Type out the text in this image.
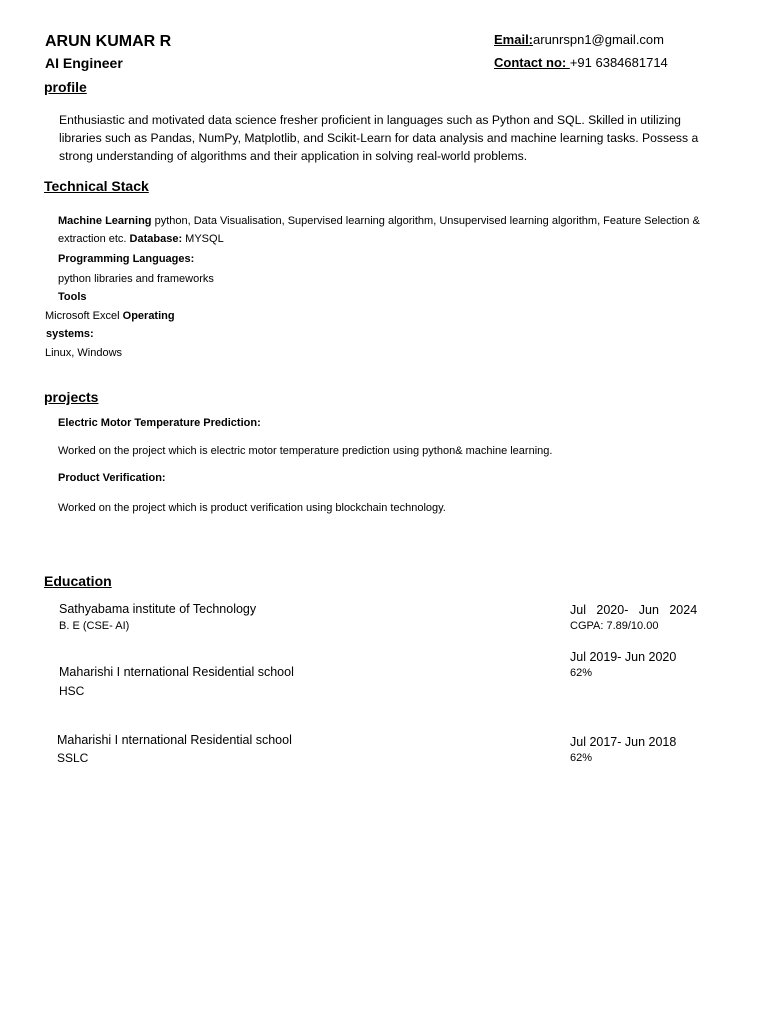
ARUN KUMAR R
AI Engineer
Email:arunrspn1@gmail.com
Contact no: +91 6384681714
profile
Enthusiastic and motivated data science fresher proficient in languages such as Python and SQL. Skilled in utilizing libraries such as Pandas, NumPy, Matplotlib, and Scikit-Learn for data analysis and machine learning tasks. Possess a strong understanding of algorithms and their application in solving real-world problems.
Technical Stack
Machine Learning python, Data Visualisation, Supervised learning algorithm, Unsupervised learning algorithm, Feature Selection & extraction etc. Database: MYSQL
Programming Languages:
python libraries and frameworks
Tools
Microsoft Excel Operating
systems:
Linux, Windows
projects
Electric Motor Temperature Prediction:
Worked on the project which is electric motor temperature prediction using python& machine learning.
Product Verification:
Worked on the project which is product verification using blockchain technology.
Education
Sathyabama institute of Technology
B. E (CSE- AI)
Jul   2020-   Jun   2024
CGPA: 7.89/10.00
Maharishi I nternational Residential school
HSC
Jul 2019- Jun 2020
62%
Maharishi I nternational Residential school
SSLC
Jul 2017- Jun 2018
62%
